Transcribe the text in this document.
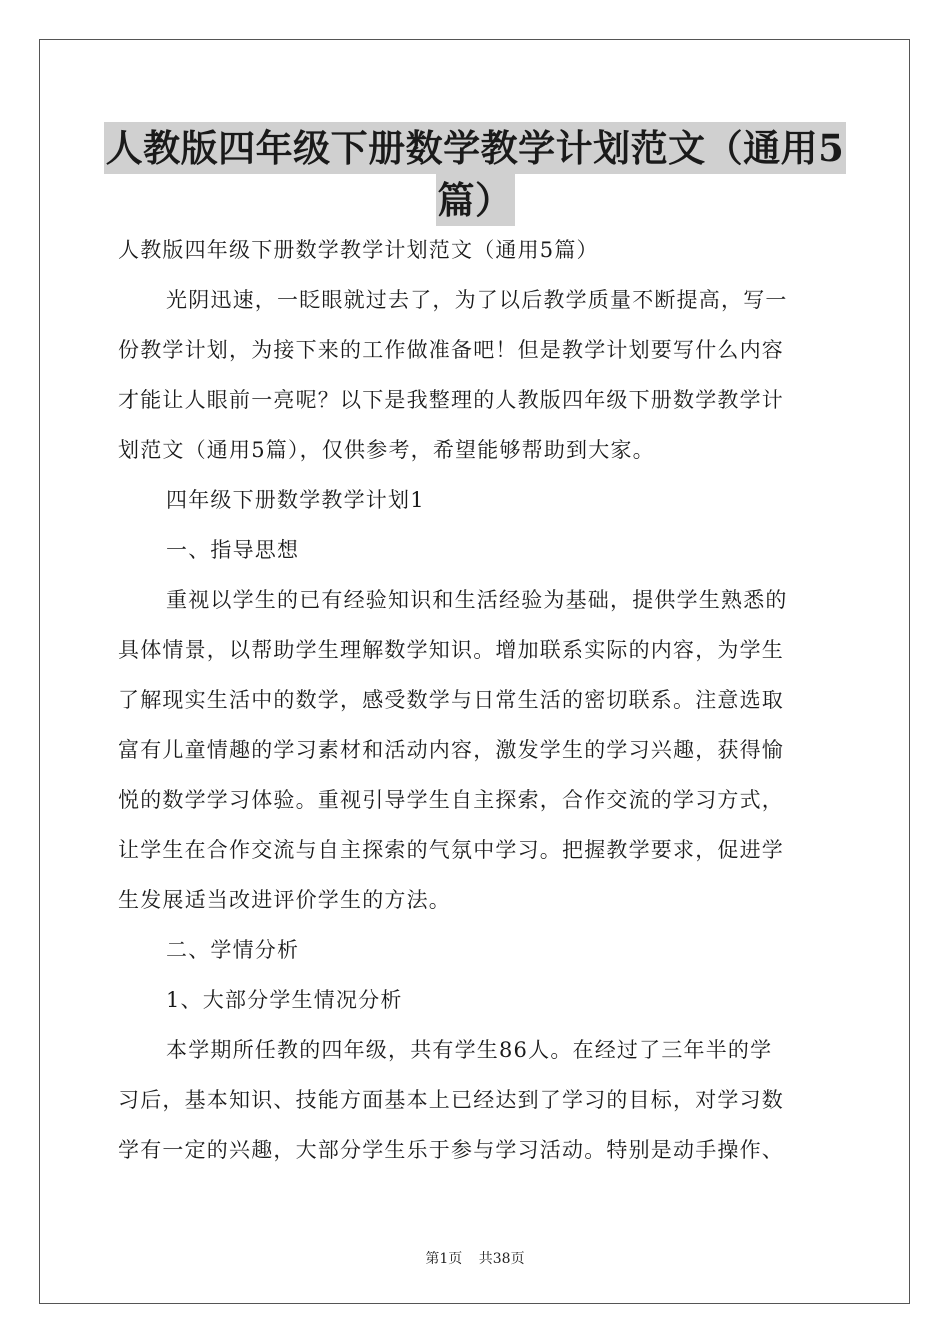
人教版四年级下册数学教学计划范文（通用5
篇）

人教版四年级下册数学教学计划范文（通用5篇）

光阴迅速，一眨眼就过去了，为了以后教学质量不断提高，写一

份教学计划，为接下来的工作做准备吧！但是教学计划要写什么内容

才能让人眼前一亮呢？以下是我整理的人教版四年级下册数学教学计

划范文（通用5篇），仅供参考，希望能够帮助到大家。

四年级下册数学教学计划1

一、指导思想

重视以学生的已有经验知识和生活经验为基础，提供学生熟悉的

具体情景，以帮助学生理解数学知识。增加联系实际的内容，为学生

了解现实生活中的数学，感受数学与日常生活的密切联系。注意选取

富有儿童情趣的学习素材和活动内容，激发学生的学习兴趣，获得愉

悦的数学学习体验。重视引导学生自主探索，合作交流的学习方式，

让学生在合作交流与自主探索的气氛中学习。把握教学要求，促进学

生发展适当改进评价学生的方法。

二、学情分析

1、大部分学生情况分析

本学期所任教的四年级，共有学生86人。在经过了三年半的学

习后，基本知识、技能方面基本上已经达到了学习的目标，对学习数

学有一定的兴趣，大部分学生乐于参与学习活动。特别是动手操作、

第1页 共38页
